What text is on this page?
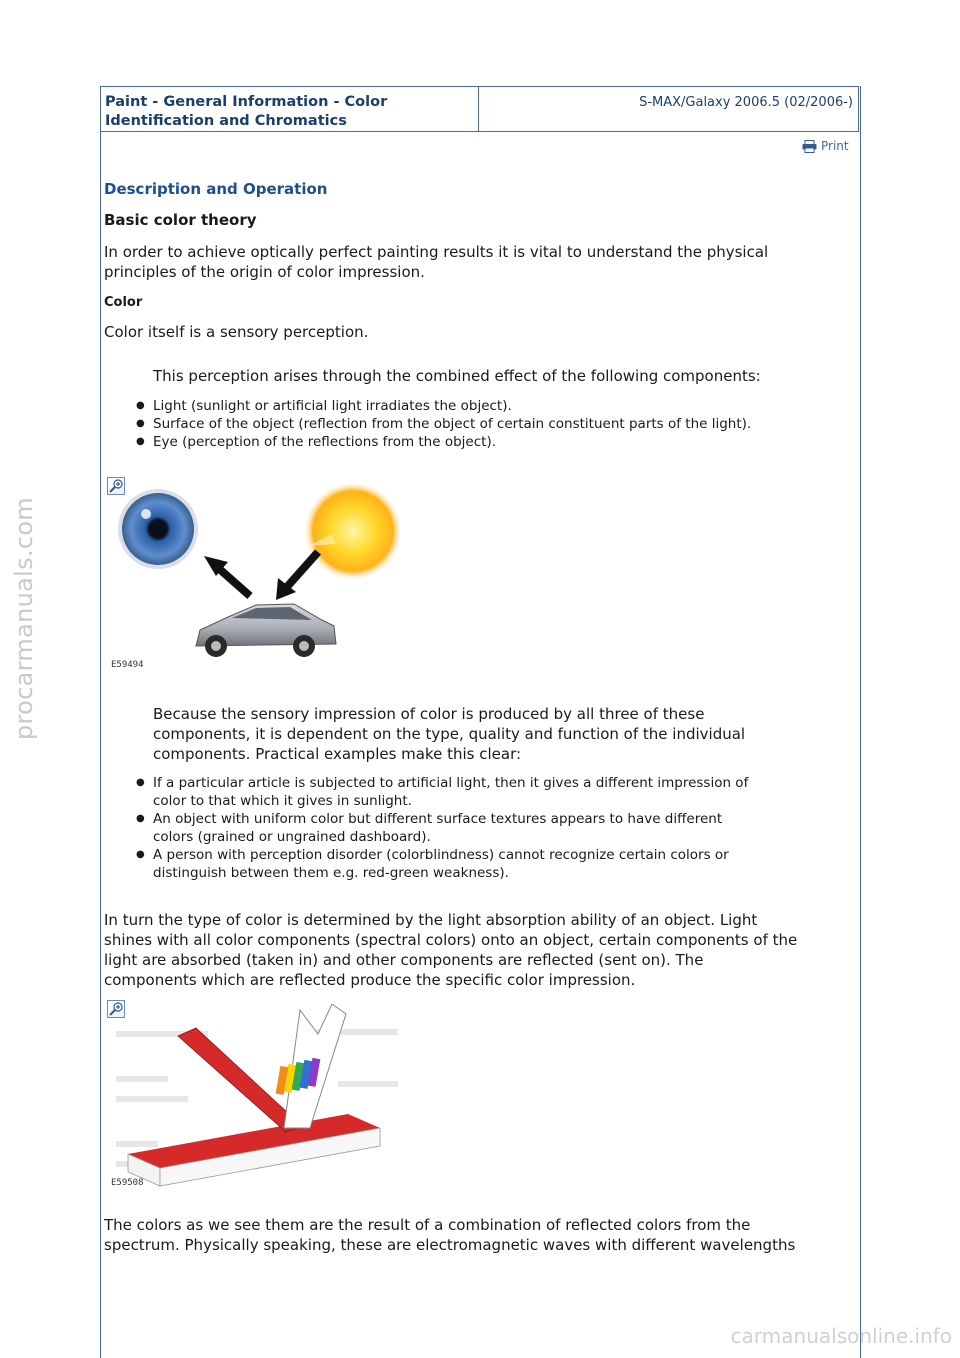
procarmanuals.com
carmanualsonline.info
Paint - General Information - Color
Identification and Chromatics
S-MAX/Galaxy 2006.5 (02/2006-)
Print
Description and Operation
Basic color theory
In order to achieve optically perfect painting results it is vital to understand the physical
principles of the origin of color impression.
Color
Color itself is a sensory perception.
This perception arises through the combined effect of the following components:
● Light (sunlight or artificial light irradiates the object).
● Surface of the object (reflection from the object of certain constituent parts of the light).
● Eye (perception of the reflections from the object).
E59494
Because the sensory impression of color is produced by all three of these
components, it is dependent on the type, quality and function of the individual
components. Practical examples make this clear:
● If a particular article is subjected to artificial light, then it gives a different impression of
color to that which it gives in sunlight.
● An object with uniform color but different surface textures appears to have different
colors (grained or ungrained dashboard).
● A person with perception disorder (colorblindness) cannot recognize certain colors or
distinguish between them e.g. red-green weakness).
In turn the type of color is determined by the light absorption ability of an object. Light
shines with all color components (spectral colors) onto an object, certain components of the
light are absorbed (taken in) and other components are reflected (sent on). The
components which are reflected produce the specific color impression.
E59508
The colors as we see them are the result of a combination of reflected colors from the
spectrum. Physically speaking, these are electromagnetic waves with different wavelengths
